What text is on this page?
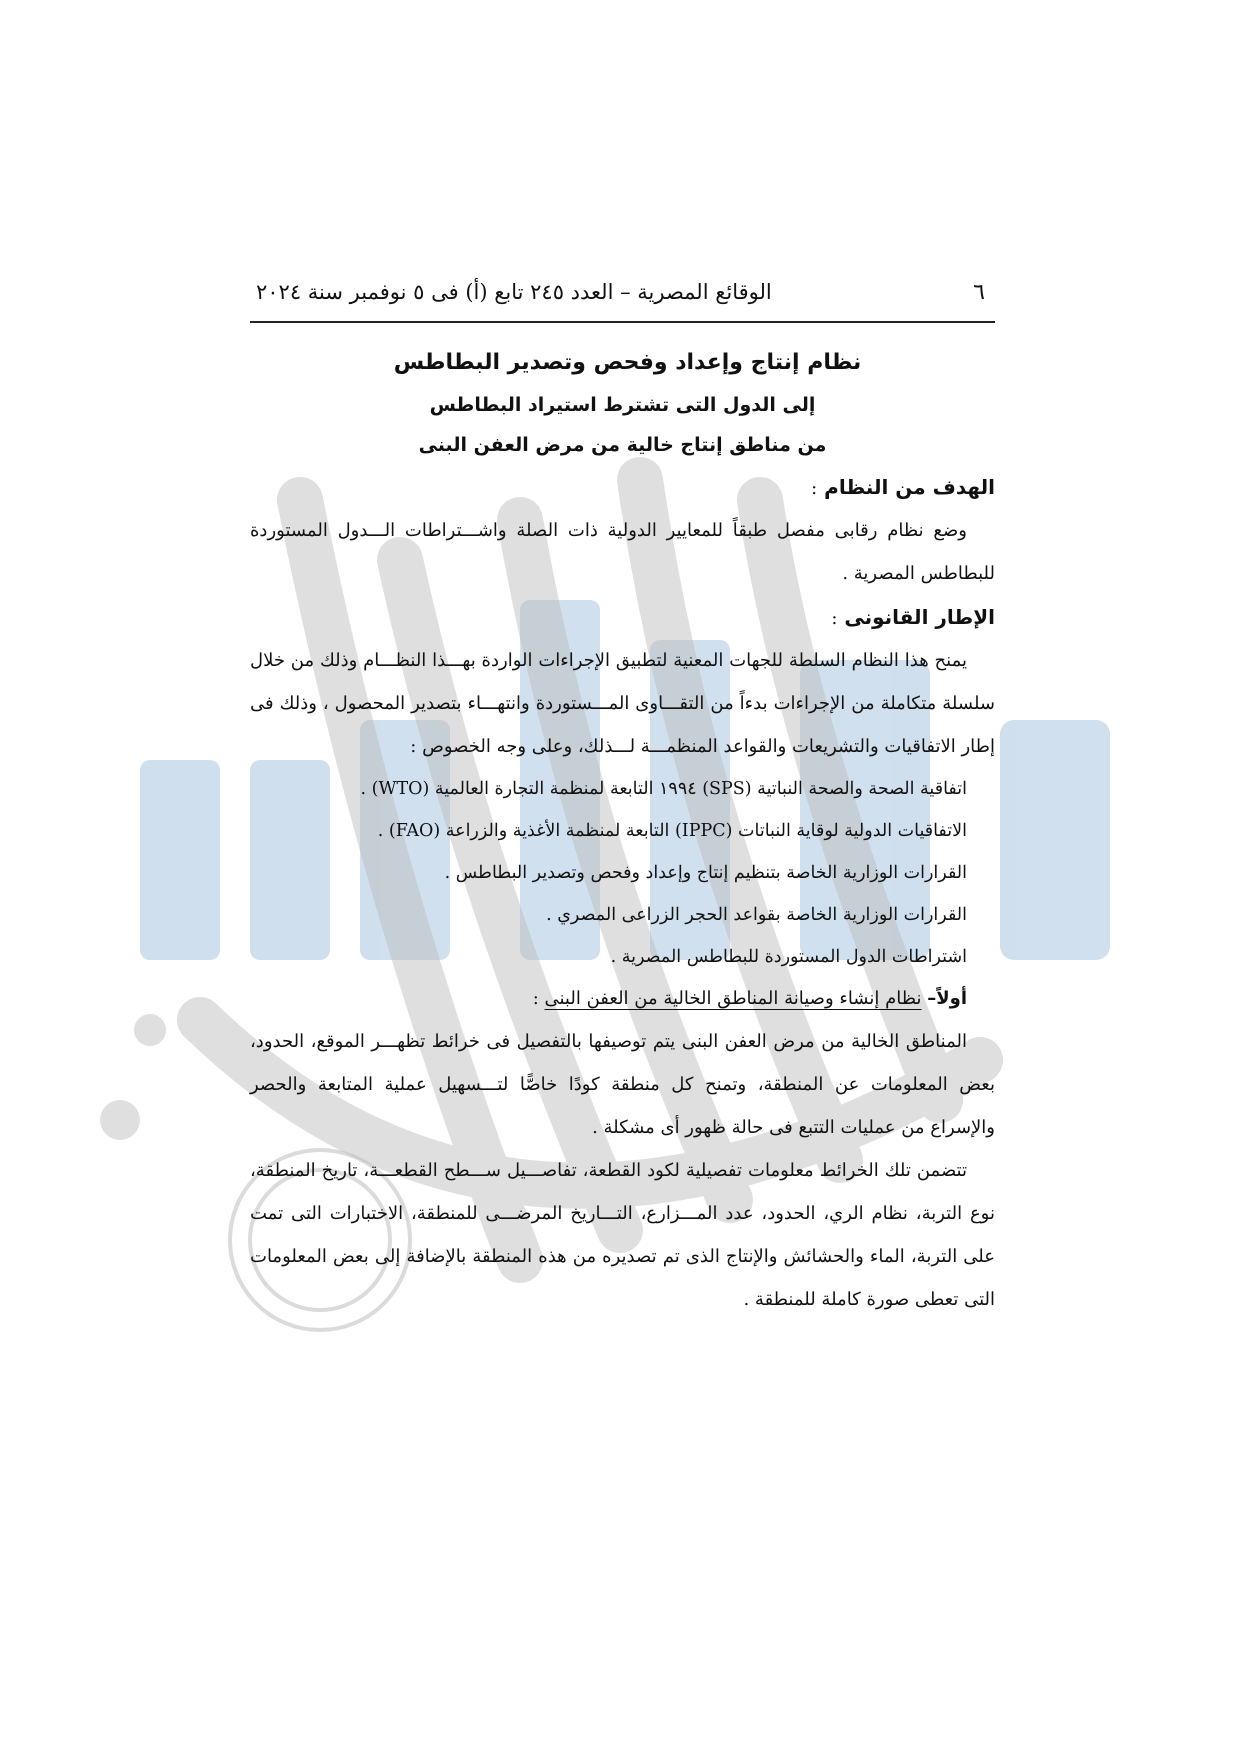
٦
الوقائع المصرية – العدد ٢٤٥ تابع (أ) فى ٥ نوفمبر سنة ٢٠٢٤
نظام إنتاج وإعداد وفحص وتصدير البطاطس
إلى الدول التى تشترط استيراد البطاطس
من مناطق إنتاج خالية من مرض العفن البنى
الهدف من النظام :

وضع نظام رقابى مفصل طبقاً للمعايير الدولية ذات الصلة واشـــتراطات الـــدول المستوردة للبطاطس المصرية .

الإطار القانونى :

يمنح هذا النظام السلطة للجهات المعنية لتطبيق الإجراءات الواردة بهـــذا النظـــام وذلك من خلال سلسلة متكاملة من الإجراءات بدءاً من التقـــاوى المـــستوردة وانتهـــاء بتصدير المحصول ، وذلك فى إطار الاتفاقيات والتشريعات والقواعد المنظمـــة لـــذلك، وعلى وجه الخصوص :

اتفاقية الصحة والصحة النباتية (SPS) ١٩٩٤ التابعة لمنظمة التجارة العالمية (WTO) .
الاتفاقيات الدولية لوقاية النباتات (IPPC) التابعة لمنظمة الأغذية والزراعة (FAO) .
القرارات الوزارية الخاصة بتنظيم إنتاج وإعداد وفحص وتصدير البطاطس .
القرارات الوزارية الخاصة بقواعد الحجر الزراعى المصري .
اشتراطات الدول المستوردة للبطاطس المصرية .
أولاً– نظام إنشاء وصيانة المناطق الخالية من العفن البنى :

المناطق الخالية من مرض العفن البنى يتم توصيفها بالتفصيل فى خرائط تظهـــر الموقع، الحدود، بعض المعلومات عن المنطقة، وتمنح كل منطقة كودًا خاصًّا لتـــسهيل عملية المتابعة والحصر والإسراع من عمليات التتبع فى حالة ظهور أى مشكلة .

تتضمن تلك الخرائط معلومات تفصيلية لكود القطعة، تفاصـــيل ســـطح القطعـــة، تاريخ المنطقة، نوع التربة، نظام الري، الحدود، عدد المـــزارع، التـــاريخ المرضـــى للمنطقة، الاختبارات التى تمت على التربة، الماء والحشائش والإنتاج الذى تم تصديره من هذه المنطقة بالإضافة إلى بعض المعلومات التى تعطى صورة كاملة للمنطقة .
